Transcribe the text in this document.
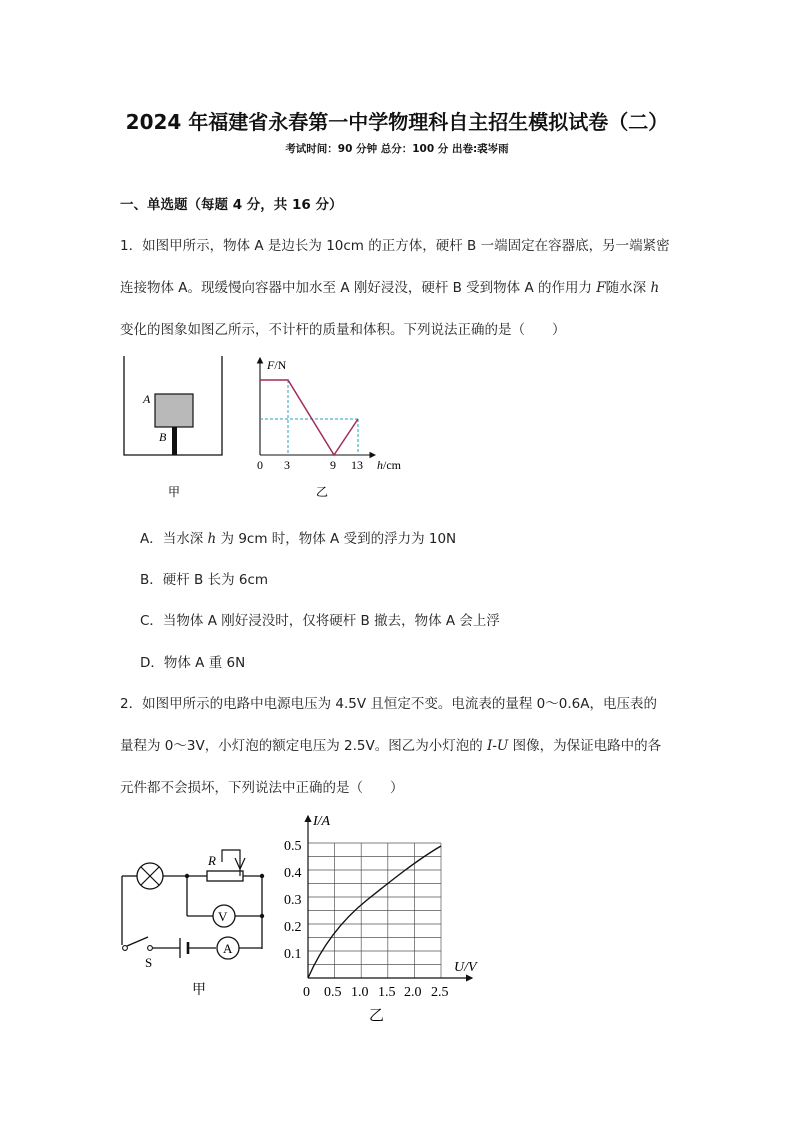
2024 年福建省永春第一中学物理科自主招生模拟试卷（二）
考试时间：90 分钟 总分：100 分 出卷:裘岑雨
一、单选题（每题 4 分，共 16 分）
1．如图甲所示，物体 A 是边长为 10cm 的正方体，硬杆 B 一端固定在容器底，另一端紧密
连接物体 A。现缓慢向容器中加水至 A 刚好浸没，硬杆 B 受到物体 A 的作用力 F随水深 h
变化的图象如图乙所示，不计杆的质量和体积。下列说法正确的是（　　）
A
B
甲
F/N
h/cm
0 3	9 13
乙
A．当水深 h 为 9cm 时，物体 A 受到的浮力为 10N
B．硬杆 B 长为 6cm
C．当物体 A 刚好浸没时，仅将硬杆 B 撤去，物体 A 会上浮
D．物体 A 重 6N
2．如图甲所示的电路中电源电压为 4.5V 且恒定不变。电流表的量程 0～0.6A，电压表的
量程为 0～3V，小灯泡的额定电压为 2.5V。图乙为小灯泡的 I-U 图像，为保证电路中的各
元件都不会损坏，下列说法中正确的是（　　）
R
V
S
A
甲
I/A
U/V
0.5
0.4
0.3
0.2
0.1
0 0.5 1.0 1.5 2.0 2.5
乙
